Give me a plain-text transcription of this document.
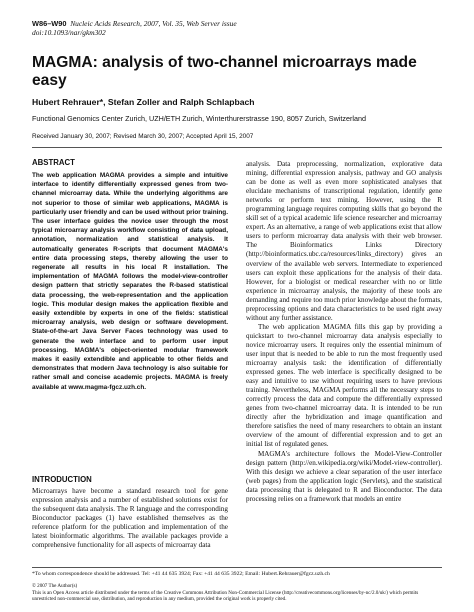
W86–W90 Nucleic Acids Research, 2007, Vol. 35, Web Server issue
doi:10.1093/nar/gkm302
MAGMA: analysis of two-channel microarrays made easy
Hubert Rehrauer*, Stefan Zoller and Ralph Schlapbach
Functional Genomics Center Zurich, UZH/ETH Zurich, Winterthurerstrasse 190, 8057 Zurich, Switzerland
Received January 30, 2007; Revised March 30, 2007; Accepted April 15, 2007
ABSTRACT

The web application MAGMA provides a simple and intuitive interface to identify differentially expressed genes from two-channel microarray data. While the underlying algorithms are not superior to those of similar web applications, MAGMA is particularly user friendly and can be used without prior training. The user interface guides the novice user through the most typical microarray analysis workflow consisting of data upload, annotation, normalization and statistical analysis. It automatically generates R-scripts that document MAGMA's entire data processing steps, thereby allowing the user to regenerate all results in his local R installation. The implementation of MAGMA follows the model-view-controller design pattern that strictly separates the R-based statistical data processing, the web-representation and the application logic. This modular design makes the application flexible and easily extendible by experts in one of the fields: statistical microarray analysis, web design or software development. State-of-the-art Java Server Faces technology was used to generate the web interface and to perform user input processing. MAGMA's object-oriented modular framework makes it easily extendible and applicable to other fields and demonstrates that modern Java technology is also suitable for rather small and concise academic projects. MAGMA is freely available at www.magma-fgcz.uzh.ch.

INTRODUCTION

Microarrays have become a standard research tool for gene expression analysis and a number of established solutions exist for the subsequent data analysis. The R language and the corresponding Bioconductor packages (1) have established themselves as the reference platform for the publication and implementation of the latest bioinformatic algorithms. The available packages provide a comprehensive functionality for all aspects of microarray data

analysis. Data preprocessing, normalization, explorative data mining, differential expression analysis, pathway and GO analysis can be done as well as even more sophisticated analyses that elucidate mechanisms of transcriptional regulation, identify gene networks or perform text mining. However, using the R programming language requires computing skills that go beyond the skill set of a typical academic life science researcher and microarray expert. As an alternative, a range of web applications exist that allow users to perform microarray data analysis with their web browser. The Bioinformatics Links Directory (http://bioinformatics.ubc.ca/resources/links_directory) gives an overview of the available web servers. Intermediate to experienced users can exploit these applications for the analysis of their data. However, for a biologist or medical researcher with no or little experience in microarray analysis, the majority of these tools are demanding and require too much prior knowledge about the formats, preprocessing options and data characteristics to be used right away without any further assistance.
The web application MAGMA fills this gap by providing a quickstart to two-channel microarray data analysis especially to novice microarray users. It requires only the essential minimum of user input that is needed to be able to run the most frequently used microarray analysis task: the identification of differentially expressed genes. The web interface is specifically designed to be easy and intuitive to use without requiring users to have previous training. Nevertheless, MAGMA performs all the necessary steps to correctly process the data and compute the differentially expressed genes from two-channel microarray data. It is intended to be run directly after the hybridization and image quantification and therefore satisfies the need of many researchers to obtain an instant overview of the amount of differential expression and to get an initial list of regulated genes.
MAGMA's architecture follows the Model-View-Controller design pattern (http://en.wikipedia.org/wiki/Model-view-controller). With this design we achieve a clear separation of the user interface (web pages) from the application logic (Servlets), and the statistical data processing that is delegated to R and Bioconductor. The data processing relies on a framework that models an entire
*To whom correspondence should be addressed. Tel: +41 44 635 3924; Fax: +41 44 635 3922; Email: Hubert.Rehrauer@fgcz.uzh.ch
© 2007 The Author(s)
This is an Open Access article distributed under the terms of the Creative Commons Attribution Non-Commercial License (http://creativecommons.org/licenses/by-nc/2.0/uk/) which permits unrestricted non-commercial use, distribution, and reproduction in any medium, provided the original work is properly cited.
